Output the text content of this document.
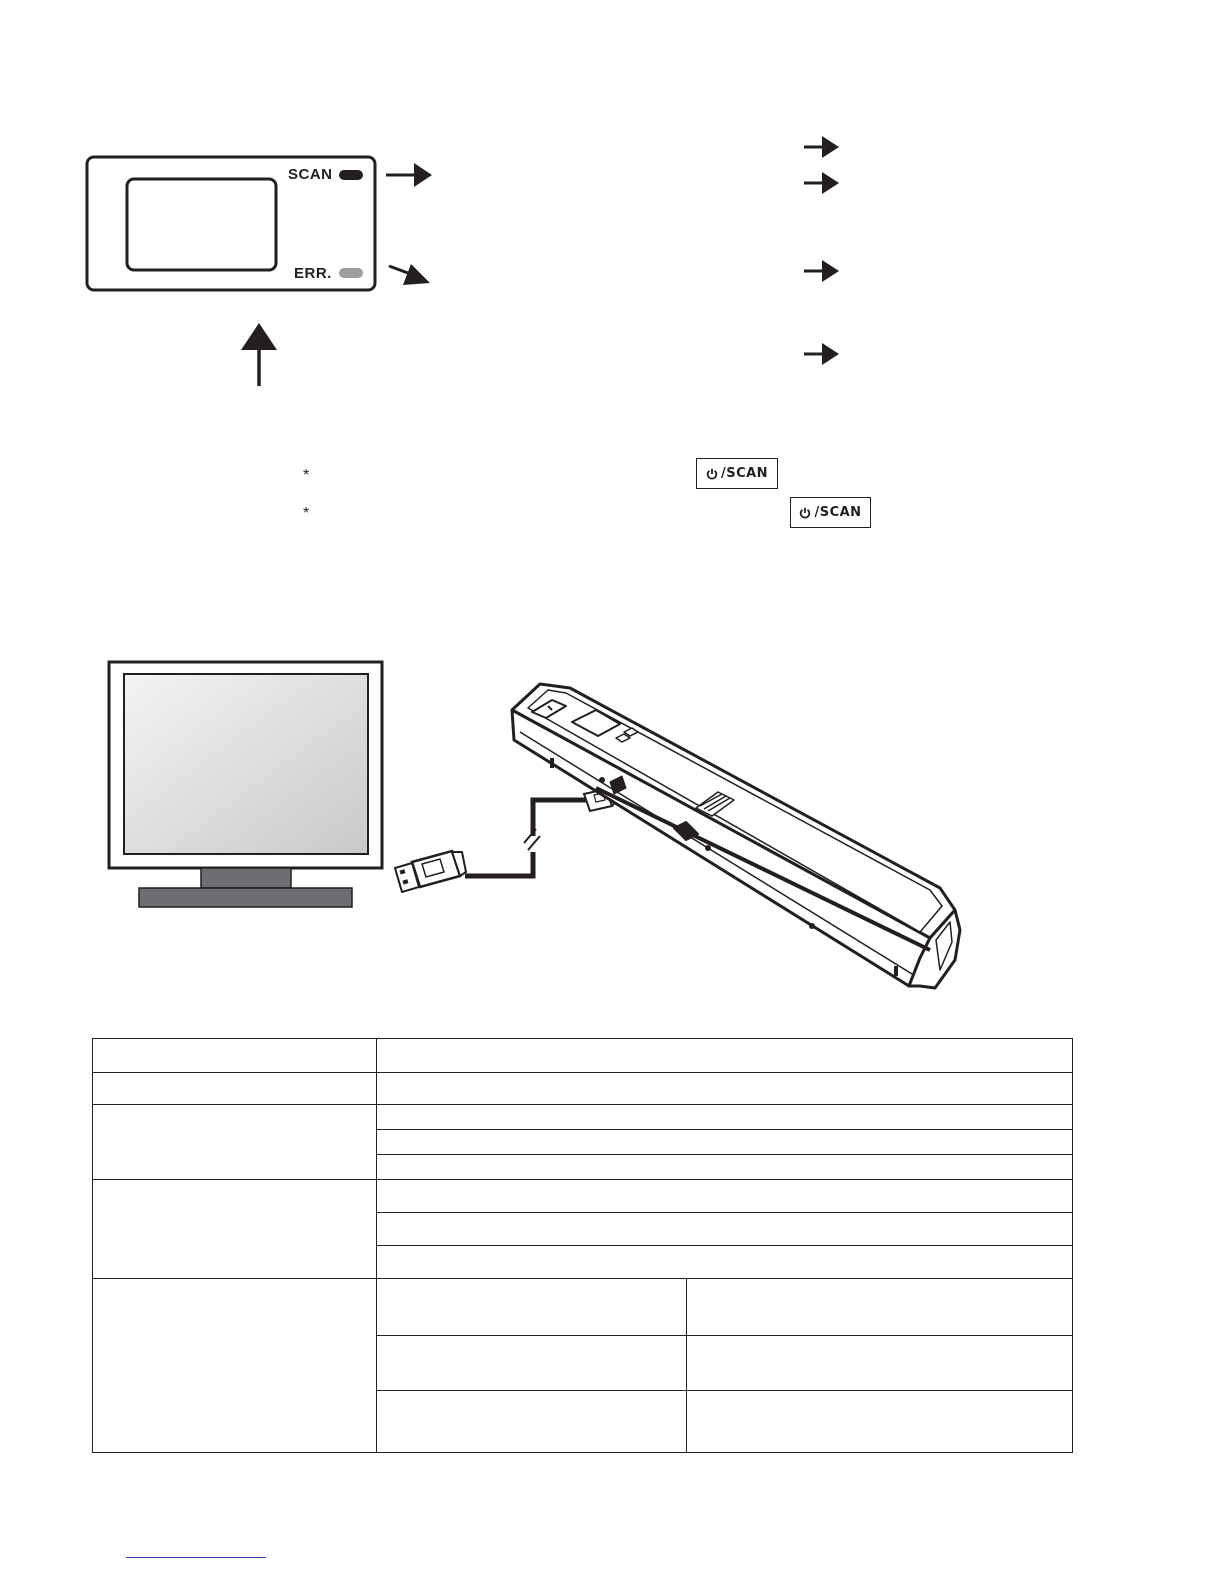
SCAN
ERR.
*	/SCAN
*	/SCAN
